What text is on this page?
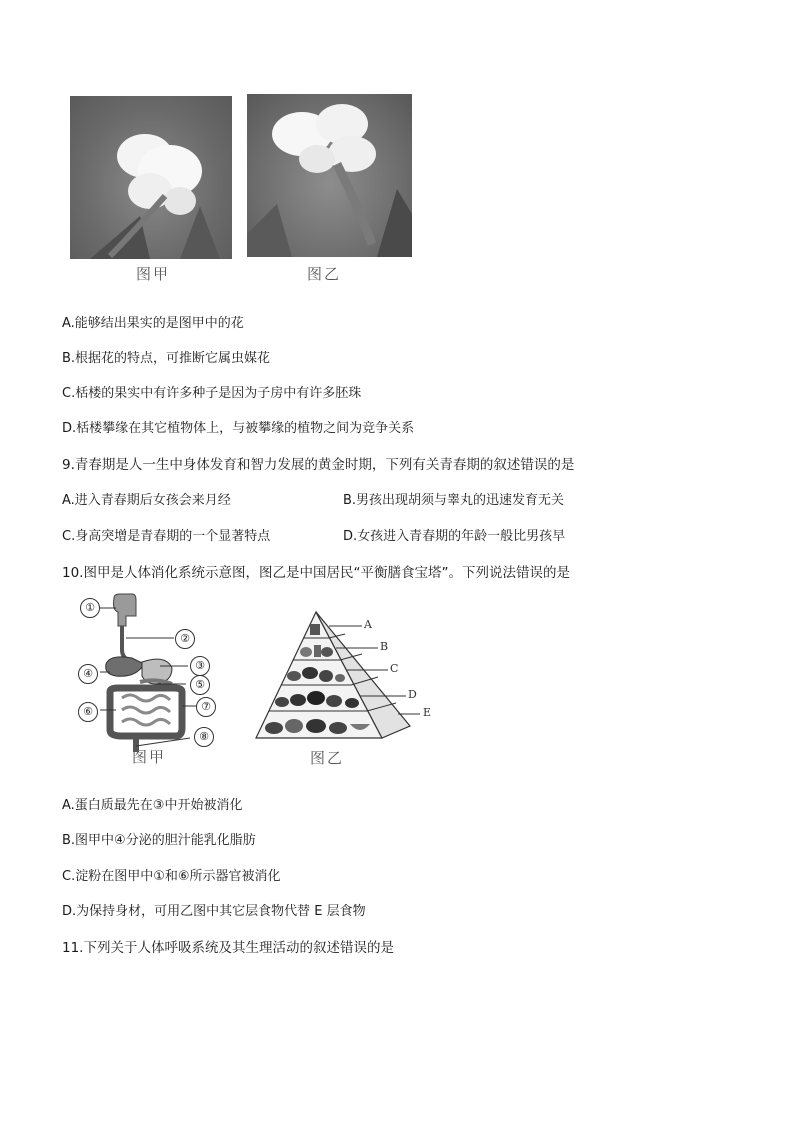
图甲	图乙
A.能够结出果实的是图甲中的花
B.根据花的特点，可推断它属虫媒花
C.栝楼的果实中有许多种子是因为子房中有许多胚珠
D.栝楼攀缘在其它植物体上，与被攀缘的植物之间为竞争关系
9.青春期是人一生中身体发育和智力发展的黄金时期，下列有关青春期的叙述错误的是
A.进入青春期后女孩会来月经	B.男孩出现胡须与睾丸的迅速发育无关
C.身高突增是青春期的一个显著特点	D.女孩进入青春期的年龄一般比男孩早
10.图甲是人体消化系统示意图，图乙是中国居民“平衡膳食宝塔”。下列说法错误的是
①
②
③
④
⑤
⑥	⑦
⑧
图甲
A
B
C
D
E
图乙
A.蛋白质最先在③中开始被消化
B.图甲中④分泌的胆汁能乳化脂肪
C.淀粉在图甲中①和⑥所示器官被消化
D.为保持身材，可用乙图中其它层食物代替 E 层食物
11.下列关于人体呼吸系统及其生理活动的叙述错误的是
